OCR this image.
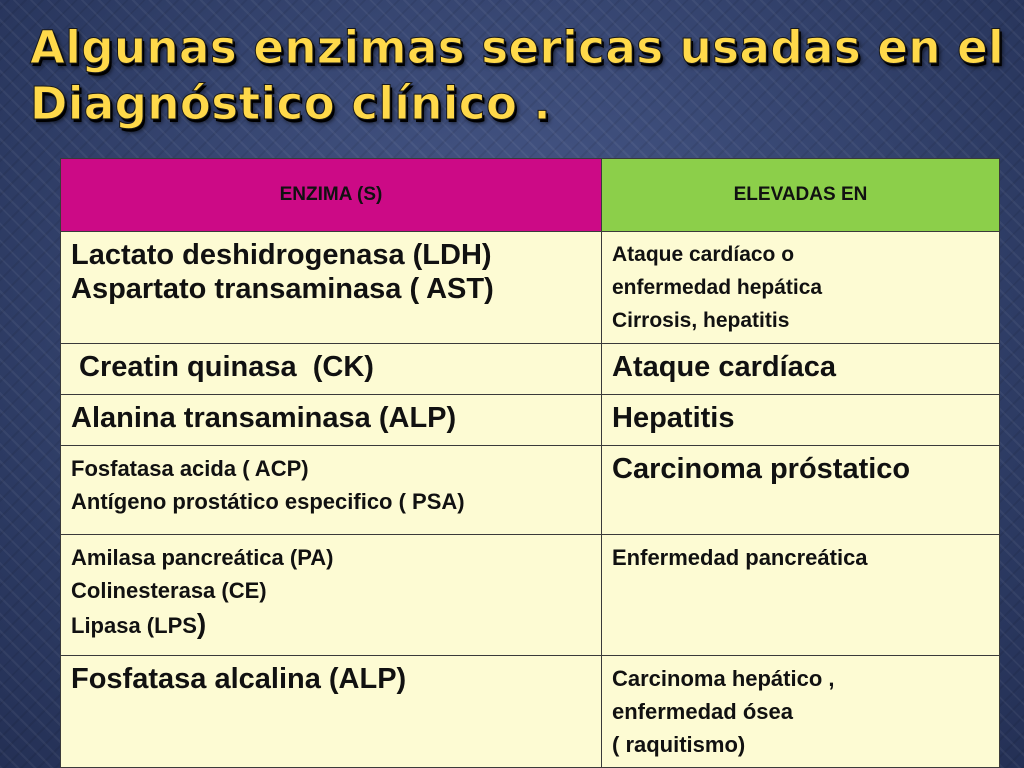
Algunas enzimas sericas usadas en el
Diagnóstico clínico .
ENZIMA (S)	ELEVADAS EN

Lactato deshidrogenasa (LDH)
Aspartato transaminasa ( AST)	Ataque cardíaco o
enfermedad hepática
Cirrosis, hepatitis

Creatin quinasa  (CK)	Ataque cardíaca

Alanina transaminasa (ALP)	Hepatitis

Fosfatasa acida ( ACP)
Antígeno prostático especifico ( PSA)	Carcinoma próstatico

Amilasa pancreática (PA)
Colinesterasa (CE)
Lipasa (LPS)	Enfermedad pancreática

Fosfatasa alcalina (ALP)	Carcinoma hepático ,
enfermedad ósea
( raquitismo)
